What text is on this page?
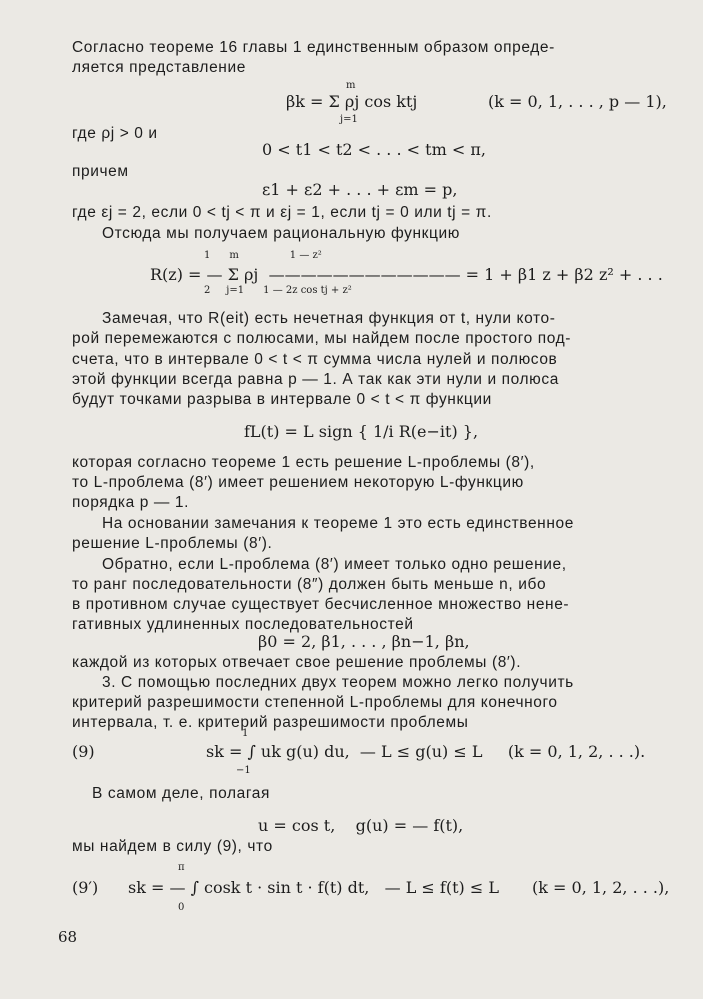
Согласно теореме 16 главы 1 единственным образом опреде-
ляется представление
m
βk = Σ ρj cos ktj
j=1
(k = 0, 1, . . . , p — 1),
где ρj > 0 и
0 < t1 < t2 < . . . < tm < π,
причем
ε1 + ε2 + . . . + εm = p,
где εj = 2, если 0 < tj < π и εj = 1, если tj = 0 или tj = π.
Отсюда мы получаем рациональную функцию
1      m                1 — z²
R(z) = — Σ ρj  ———————————— = 1 + β1 z + β2 z² + . . .
2     j=1      1 — 2z cos tj + z²
Замечая, что R(eit) есть нечетная функция от t, нули кото-
рой перемежаются с полюсами, мы найдем после простого под-
счета, что в интервале 0 < t < π сумма числа нулей и полюсов
этой функции всегда равна p — 1. А так как эти нули и полюса
будут точками разрыва в интервале 0 < t < π функции
fL(t) = L sign { 1/i R(e−it) },
которая согласно теореме 1 есть решение L-проблемы (8′),
то L-проблема (8′) имеет решением некоторую L-функцию
порядка p — 1.
На основании замечания к теореме 1 это есть единственное
решение L-проблемы (8′).
Обратно, если L-проблема (8′) имеет только одно решение,
то ранг последовательности (8″) должен быть меньше n, ибо
в противном случае существует бесчисленное множество нене-
гативных удлиненных последовательностей
β0 = 2, β1, . . . , βn−1, βn,
каждой из которых отвечает свое решение проблемы (8′).
3. С помощью последних двух теорем можно легко получить
критерий разрешимости степенной L-проблемы для конечного
интервала, т. е. критерий разрешимости проблемы
1
(9)	sk = ∫ uk g(u) du,  — L ≤ g(u) ≤ L     (k = 0, 1, 2, . . .).
−1
В самом деле, полагая
u = cos t,    g(u) = — f(t),
мы найдем в силу (9), что
π
(9′) sk = — ∫ cosk t · sin t · f(t) dt,   — L ≤ f(t) ≤ L (k = 0, 1, 2, . . .),
0
68
